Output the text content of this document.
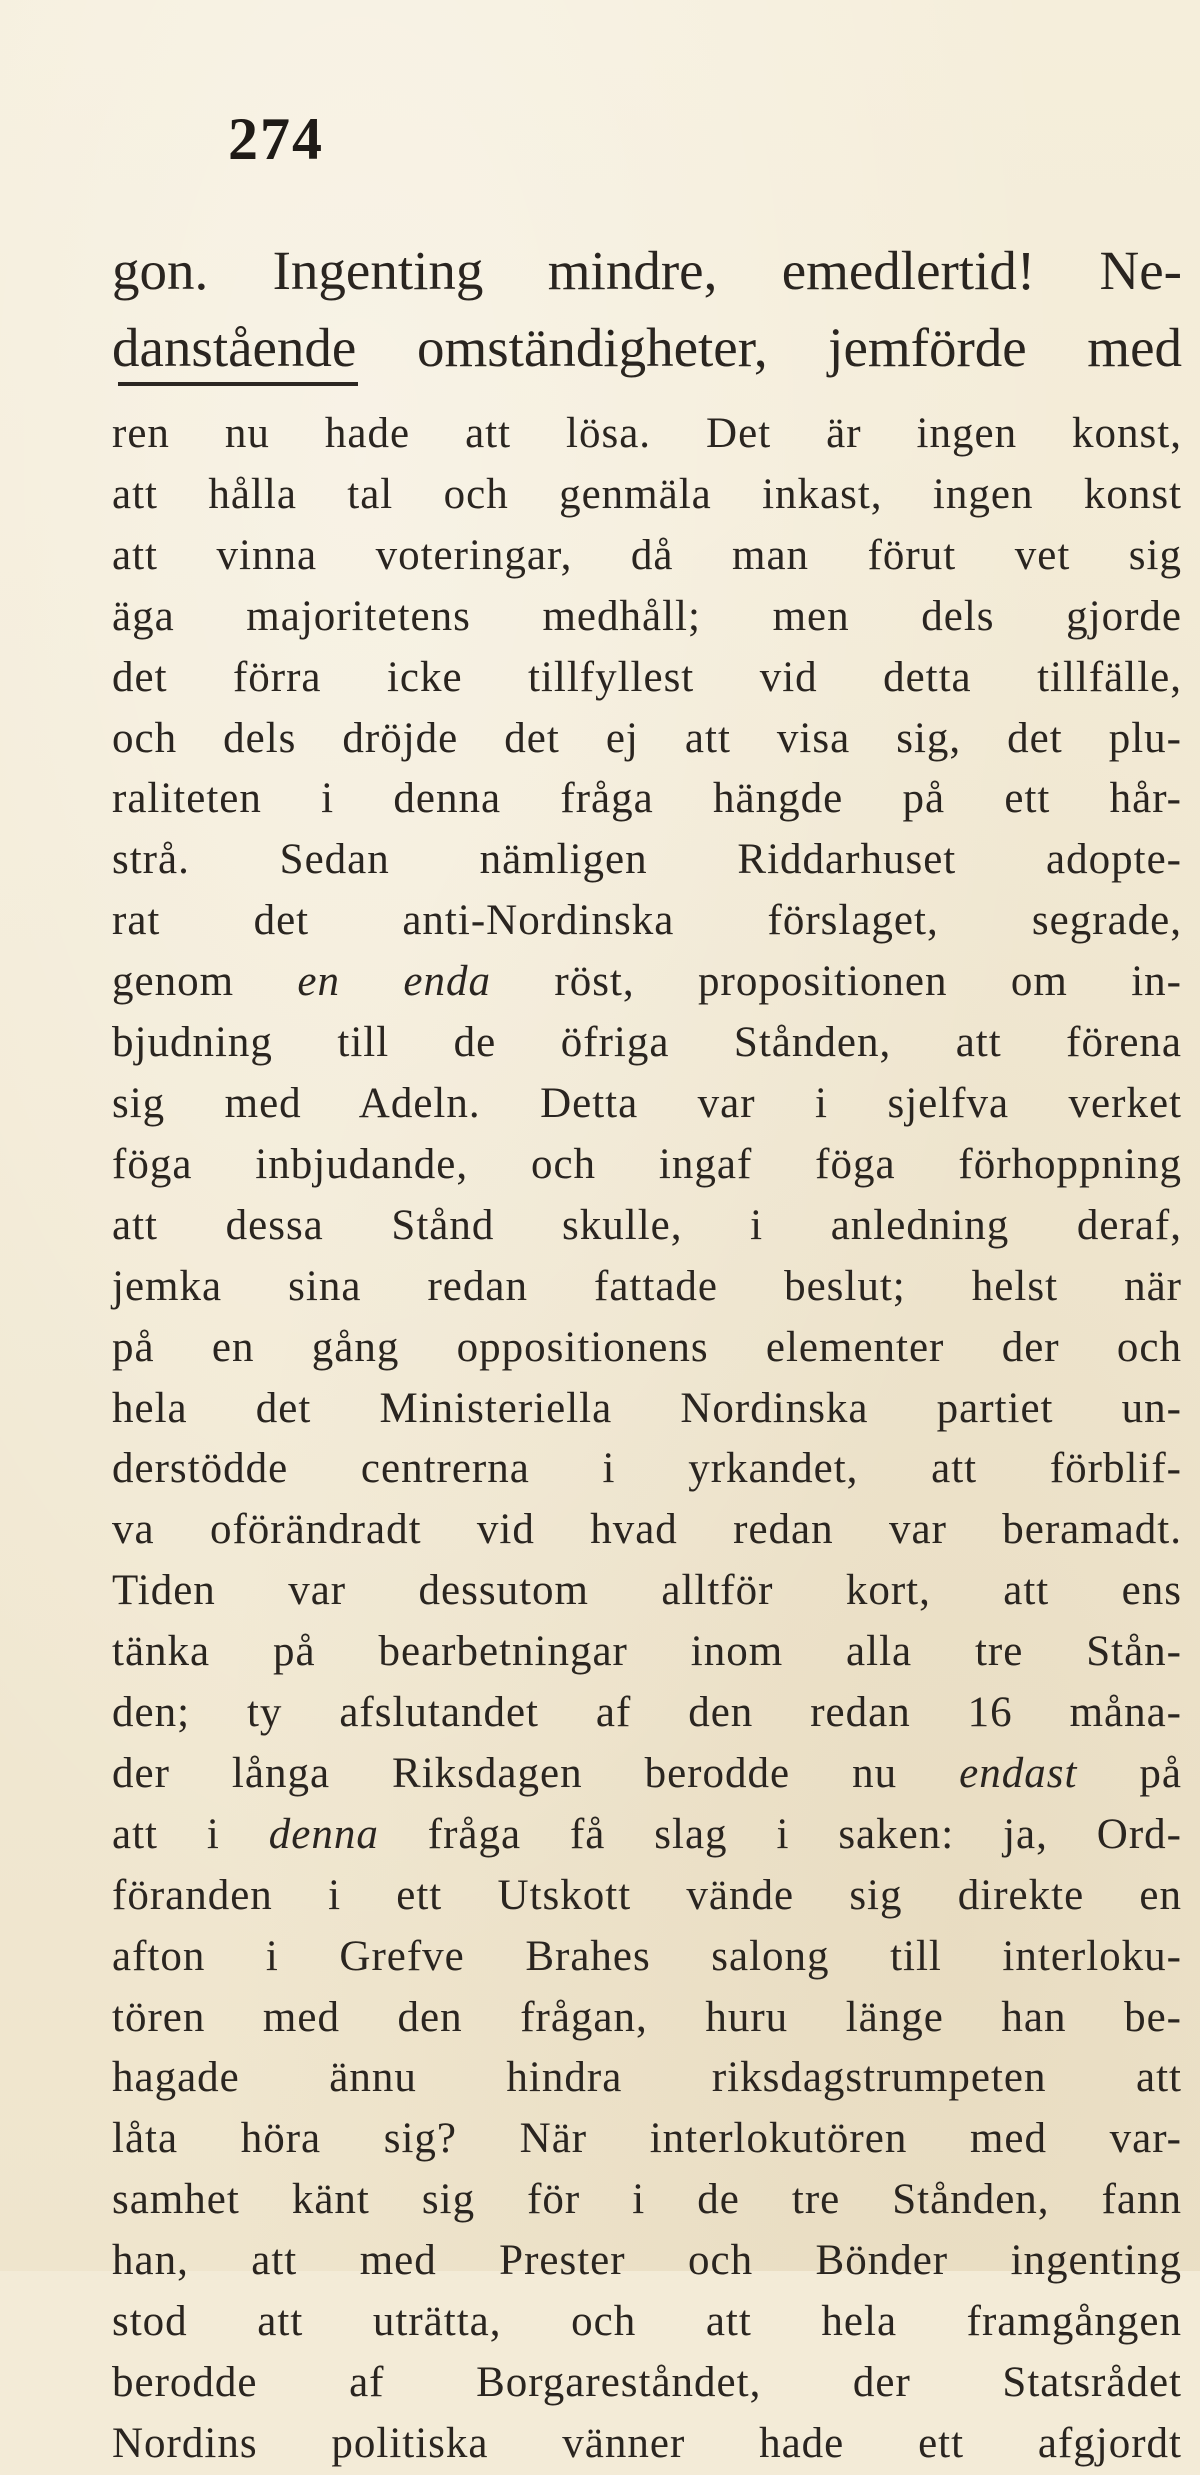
274
gon. Ingenting mindre, emedlertid! Ne-
danstående omständigheter, jemförde med
ren nu hade att lösa. Det är ingen konst,
att hålla tal och genmäla inkast, ingen konst
att vinna voteringar, då man förut vet sig
äga majoritetens medhåll; men dels gjorde
det förra icke tillfyllest vid detta tillfälle,
och dels dröjde det ej att visa sig, det plu-
raliteten i denna fråga hängde på ett hår-
strå. Sedan nämligen Riddarhuset adopte-
rat det anti-Nordinska förslaget, segrade,
genom en enda röst, propositionen om in-
bjudning till de öfriga Stånden, att förena
sig med Adeln. Detta var i sjelfva verket
föga inbjudande, och ingaf föga förhoppning
att dessa Stånd skulle, i anledning deraf,
jemka sina redan fattade beslut; helst när
på en gång oppositionens elementer der och
hela det Ministeriella Nordinska partiet un-
derstödde centrerna i yrkandet, att förblif-
va oförändradt vid hvad redan var beramadt.
Tiden var dessutom alltför kort, att ens
tänka på bearbetningar inom alla tre Stån-
den; ty afslutandet af den redan 16 måna-
der långa Riksdagen berodde nu endast på
att i denna fråga få slag i saken: ja, Ord-
föranden i ett Utskott vände sig direkte en
afton i Grefve Brahes salong till interloku-
tören med den frågan, huru länge han be-
hagade ännu hindra riksdagstrumpeten att
låta höra sig? När interlokutören med var-
samhet känt sig för i de tre Stånden, fann
han, att med Prester och Bönder ingenting
stod att uträtta, och att hela framgången
berodde af Borgareståndet, der Statsrådet
Nordins politiska vänner hade ett afgjordt
